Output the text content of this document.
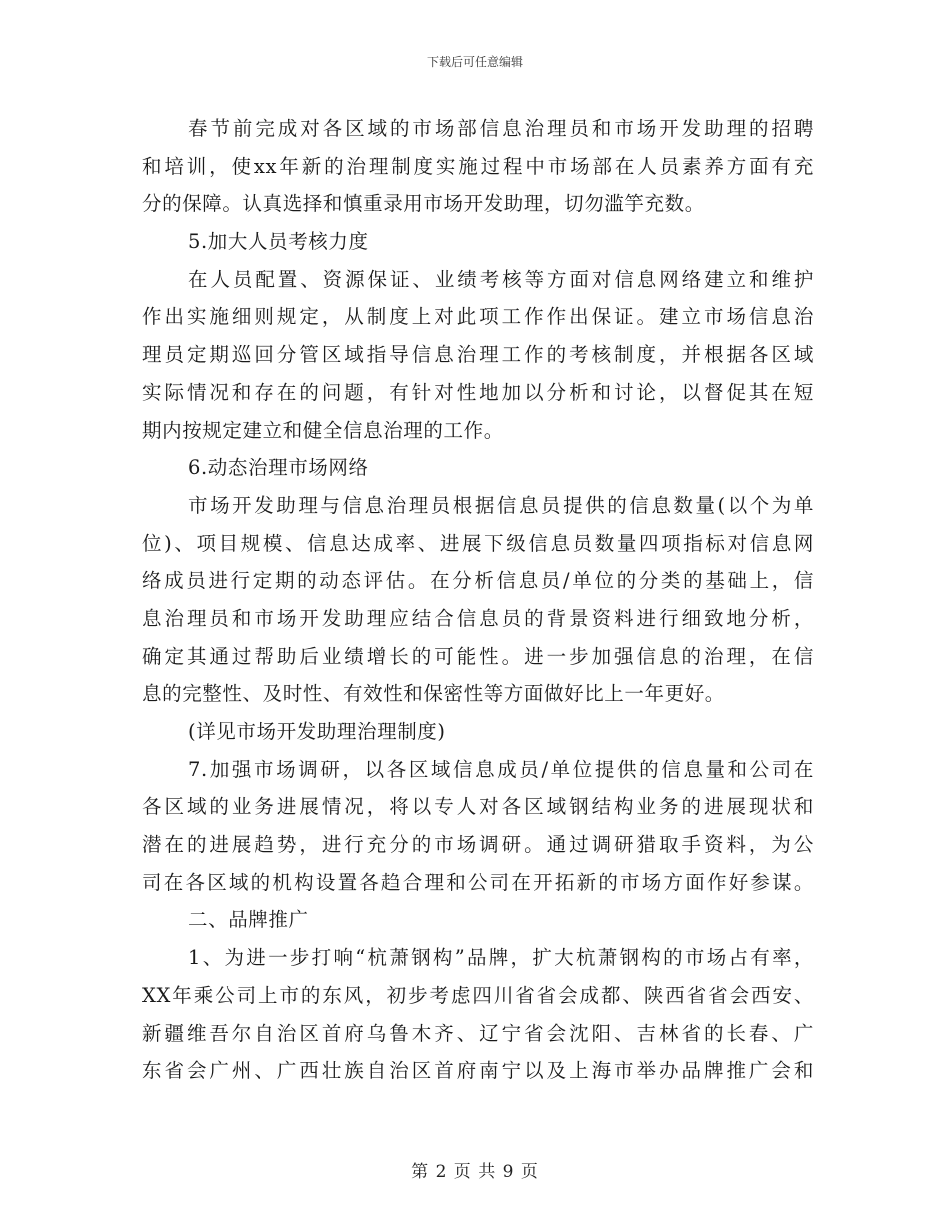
下载后可任意编辑
春节前完成对各区域的市场部信息治理员和市场开发助理的招聘
和培训，使xx年新的治理制度实施过程中市场部在人员素养方面有充
分的保障。认真选择和慎重录用市场开发助理，切勿滥竽充数。
5.加大人员考核力度
在人员配置、资源保证、业绩考核等方面对信息网络建立和维护
作出实施细则规定，从制度上对此项工作作出保证。建立市场信息治
理员定期巡回分管区域指导信息治理工作的考核制度，并根据各区域
实际情况和存在的问题，有针对性地加以分析和讨论，以督促其在短
期内按规定建立和健全信息治理的工作。
6.动态治理市场网络
市场开发助理与信息治理员根据信息员提供的信息数量(以个为单
位)、项目规模、信息达成率、进展下级信息员数量四项指标对信息网
络成员进行定期的动态评估。在分析信息员/单位的分类的基础上，信
息治理员和市场开发助理应结合信息员的背景资料进行细致地分析，
确定其通过帮助后业绩增长的可能性。进一步加强信息的治理，在信
息的完整性、及时性、有效性和保密性等方面做好比上一年更好。
(详见市场开发助理治理制度)
7.加强市场调研，以各区域信息成员/单位提供的信息量和公司在
各区域的业务进展情况，将以专人对各区域钢结构业务的进展现状和
潜在的进展趋势，进行充分的市场调研。通过调研猎取手资料，为公
司在各区域的机构设置各趋合理和公司在开拓新的市场方面作好参谋。
二、品牌推广
1、为进一步打响“杭萧钢构”品牌，扩大杭萧钢构的市场占有率，
XX年乘公司上市的东风，初步考虑四川省省会成都、陕西省省会西安、
新疆维吾尔自治区首府乌鲁木齐、辽宁省会沈阳、吉林省的长春、广
东省会广州、广西壮族自治区首府南宁以及上海市举办品牌推广会和
第 2 页 共 9 页
